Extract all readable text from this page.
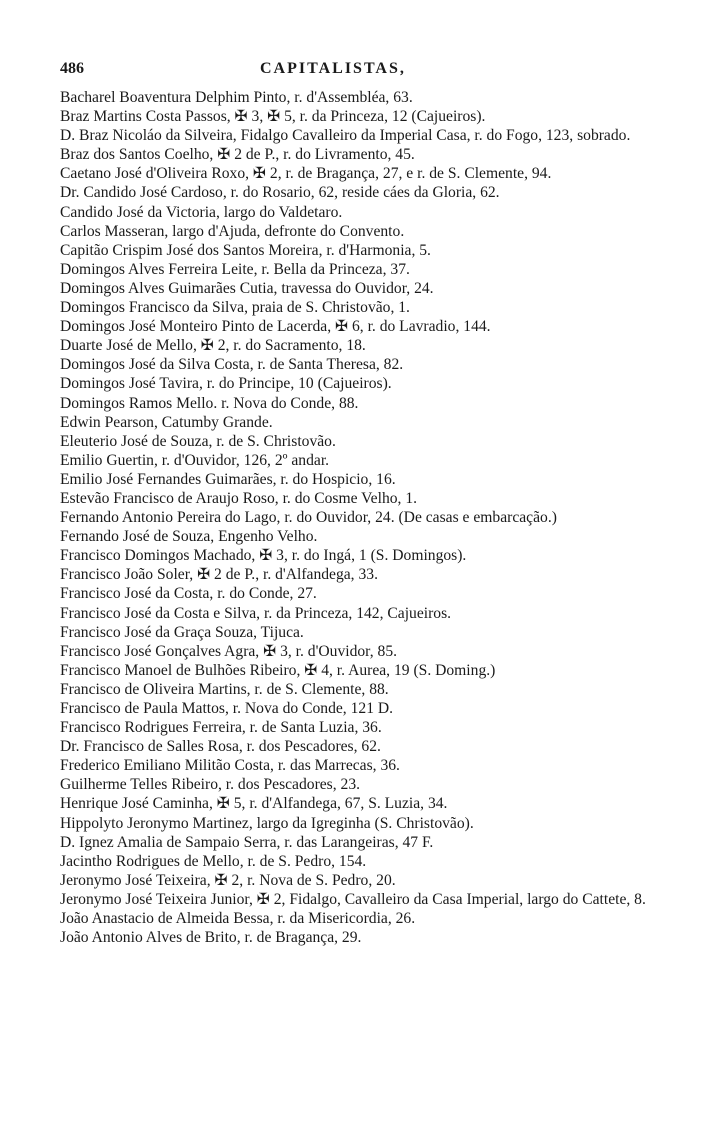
486	CAPITALISTAS,

Bacharel Boaventura Delphim Pinto, r. d'Assembléa, 63.

Braz Martins Costa Passos, ✠ 3, ✠ 5, r. da Princeza, 12 (Cajueiros).

D. Braz Nicoláo da Silveira, Fidalgo Cavalleiro da Imperial Casa, r. do Fogo, 123, sobrado.

Braz dos Santos Coelho, ✠ 2 de P., r. do Livramento, 45.

Caetano José d'Oliveira Roxo, ✠ 2, r. de Bragança, 27, e r. de S. Clemente, 94.

Dr. Candido José Cardoso, r. do Rosario, 62, reside cáes da Gloria, 62.

Candido José da Victoria, largo do Valdetaro.

Carlos Masseran, largo d'Ajuda, defronte do Convento.

Capitão Crispim José dos Santos Moreira, r. d'Harmonia, 5.

Domingos Alves Ferreira Leite, r. Bella da Princeza, 37.

Domingos Alves Guimarães Cutia, travessa do Ouvidor, 24.

Domingos Francisco da Silva, praia de S. Christovão, 1.

Domingos José Monteiro Pinto de Lacerda, ✠ 6, r. do Lavradio, 144.

Duarte José de Mello, ✠ 2, r. do Sacramento, 18.

Domingos José da Silva Costa, r. de Santa Theresa, 82.

Domingos José Tavira, r. do Principe, 10 (Cajueiros).

Domingos Ramos Mello. r. Nova do Conde, 88.

Edwin Pearson, Catumby Grande.

Eleuterio José de Souza, r. de S. Christovão.

Emilio Guertin, r. d'Ouvidor, 126, 2º andar.

Emilio José Fernandes Guimarães, r. do Hospicio, 16.

Estevão Francisco de Araujo Roso, r. do Cosme Velho, 1.

Fernando Antonio Pereira do Lago, r. do Ouvidor, 24. (De casas e embarcação.)

Fernando José de Souza, Engenho Velho.

Francisco Domingos Machado, ✠ 3, r. do Ingá, 1 (S. Domingos).

Francisco João Soler, ✠ 2 de P., r. d'Alfandega, 33.

Francisco José da Costa, r. do Conde, 27.

Francisco José da Costa e Silva, r. da Princeza, 142, Cajueiros.

Francisco José da Graça Souza, Tijuca.

Francisco José Gonçalves Agra, ✠ 3, r. d'Ouvidor, 85.

Francisco Manoel de Bulhões Ribeiro, ✠ 4, r. Aurea, 19 (S. Doming.)

Francisco de Oliveira Martins, r. de S. Clemente, 88.

Francisco de Paula Mattos, r. Nova do Conde, 121 D.

Francisco Rodrigues Ferreira, r. de Santa Luzia, 36.

Dr. Francisco de Salles Rosa, r. dos Pescadores, 62.

Frederico Emiliano Militão Costa, r. das Marrecas, 36.

Guilherme Telles Ribeiro, r. dos Pescadores, 23.

Henrique José Caminha, ✠ 5, r. d'Alfandega, 67, S. Luzia, 34.

Hippolyto Jeronymo Martinez, largo da Igreginha (S. Christovão).

D. Ignez Amalia de Sampaio Serra, r. das Larangeiras, 47 F.

Jacintho Rodrigues de Mello, r. de S. Pedro, 154.

Jeronymo José Teixeira, ✠ 2, r. Nova de S. Pedro, 20.

Jeronymo José Teixeira Junior, ✠ 2, Fidalgo, Cavalleiro da Casa Imperial, largo do Cattete, 8.

João Anastacio de Almeida Bessa, r. da Misericordia, 26.

João Antonio Alves de Brito, r. de Bragança, 29.
